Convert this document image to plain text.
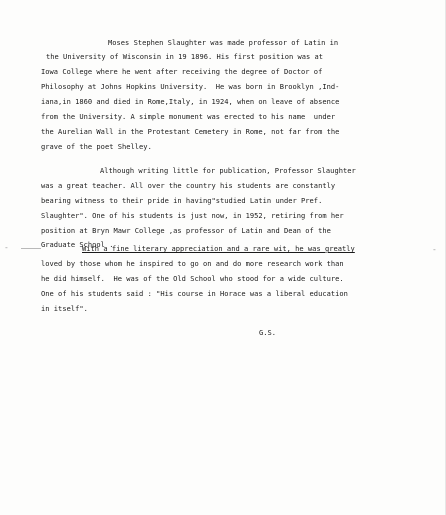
Moses Stephen Slaughter was made professor of Latin in
the University of Wisconsin in 19 1896. His first position was at
Iowa College where he went after receiving the degree of Doctor of
Philosophy at Johns Hopkins University.  He was born in Brooklyn ,Ind-
iana,in 1860 and died in Rome,Italy, in 1924, when on leave of absence
from the University. A simple monument was erected to his name  under
the Aurelian Wall in the Protestant Cemetery in Rome, not far from the
grave of the poet Shelley.
Although writing little for publication, Professor Slaughter
was a great teacher. All over the country his students are constantly
bearing witness to their pride in having"studied Latin under Pref.
Slaughter". One of his students is just now, in 1952, retiring from her
position at Bryn Mawr College ,as professor of Latin and Dean of the
Graduate School .
-	-
With a fine literary appreciation and a rare wit, he was greatly
loved by those whom he inspired to go on and do more research work than
he did himself.  He was of the Old School who stood for a wide culture.
One of his students said : "His course in Horace was a liberal education
in itself".
G.S.
